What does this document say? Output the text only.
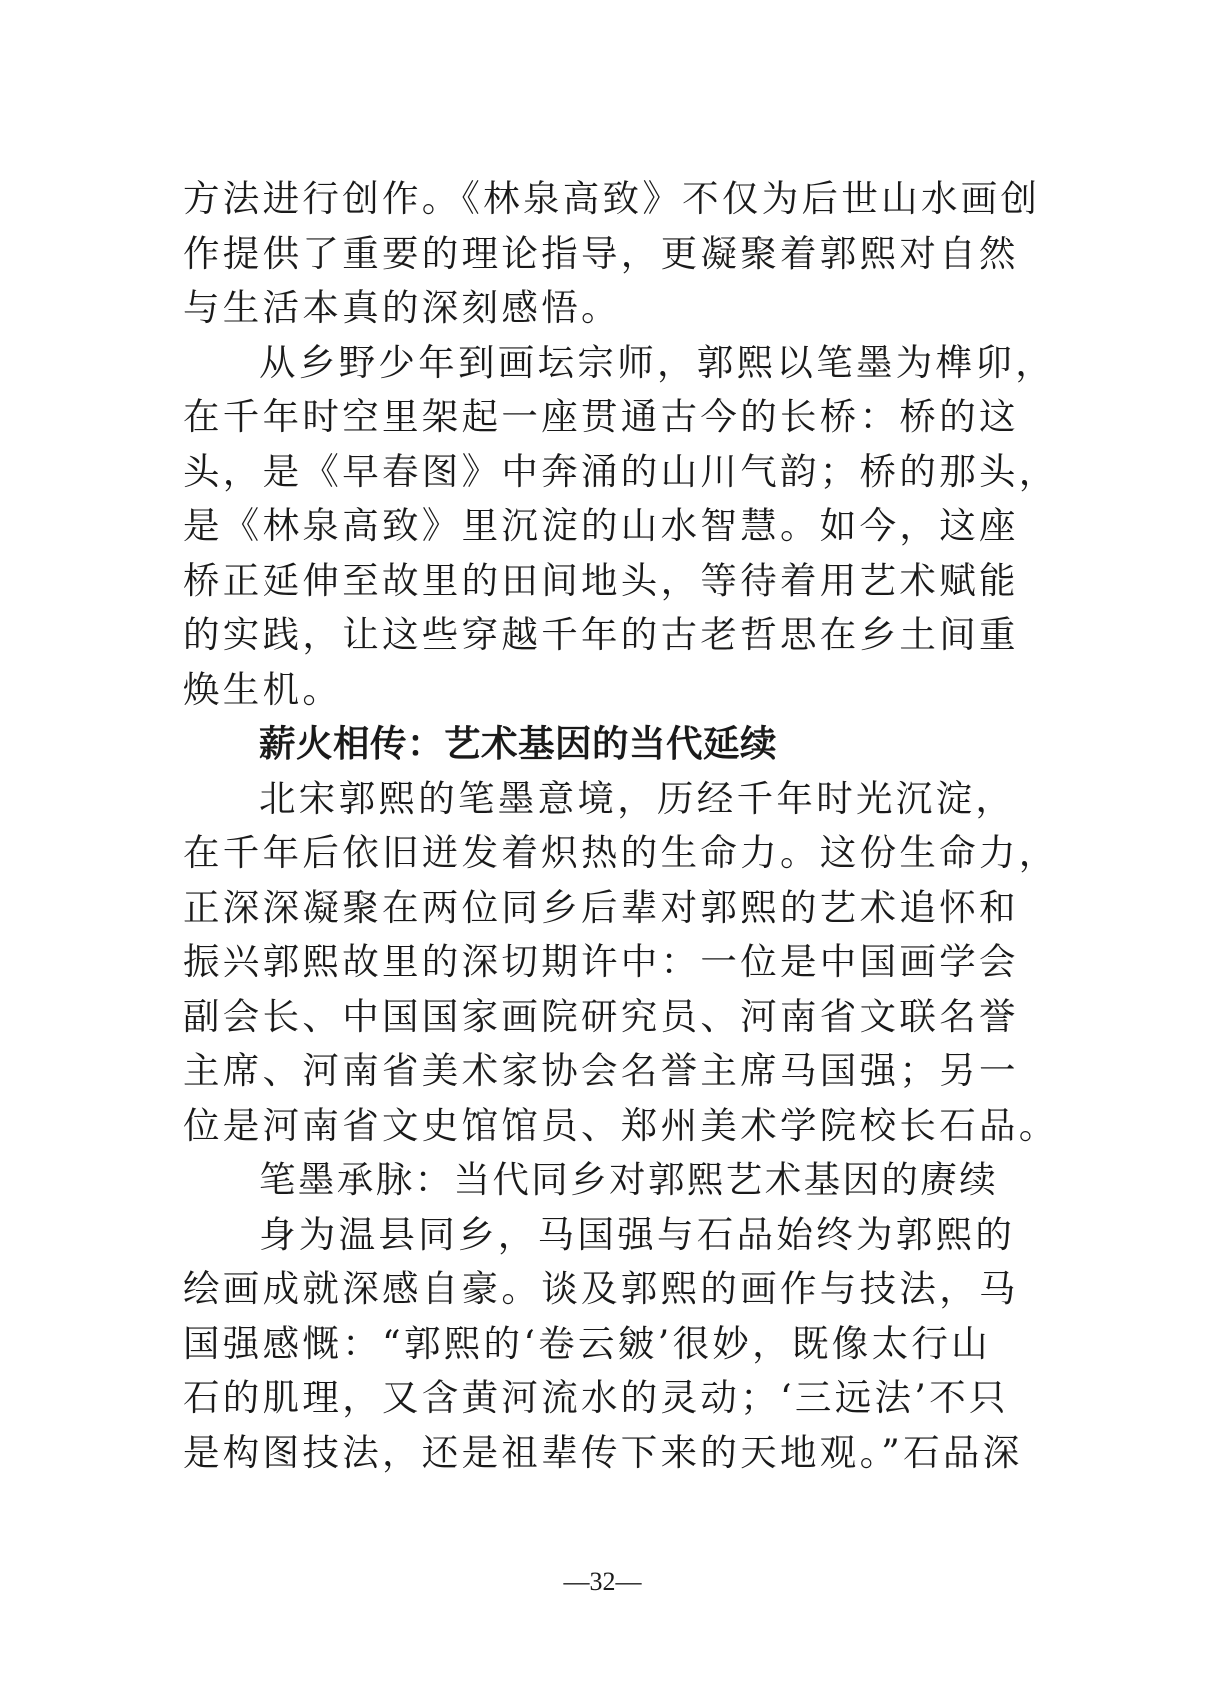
方法进行创作。《林泉高致》不仅为后世山水画创
作提供了重要的理论指导，更凝聚着郭熙对自然
与生活本真的深刻感悟。
从乡野少年到画坛宗师，郭熙以笔墨为榫卯，
在千年时空里架起一座贯通古今的长桥：桥的这
头，是《早春图》中奔涌的山川气韵；桥的那头，
是《林泉高致》里沉淀的山水智慧。如今，这座
桥正延伸至故里的田间地头，等待着用艺术赋能
的实践，让这些穿越千年的古老哲思在乡土间重
焕生机。
薪火相传：艺术基因的当代延续
北宋郭熙的笔墨意境，历经千年时光沉淀，
在千年后依旧迸发着炽热的生命力。这份生命力，
正深深凝聚在两位同乡后辈对郭熙的艺术追怀和
振兴郭熙故里的深切期许中：一位是中国画学会
副会长、中国国家画院研究员、河南省文联名誉
主席、河南省美术家协会名誉主席马国强；另一
位是河南省文史馆馆员、郑州美术学院校长石品。
笔墨承脉：当代同乡对郭熙艺术基因的赓续
身为温县同乡，马国强与石品始终为郭熙的
绘画成就深感自豪。谈及郭熙的画作与技法，马
国强感慨：“郭熙的‘卷云皴’很妙，既像太行山
石的肌理，又含黄河流水的灵动；‘三远法’不只
是构图技法，还是祖辈传下来的天地观。”石品深
—32—
